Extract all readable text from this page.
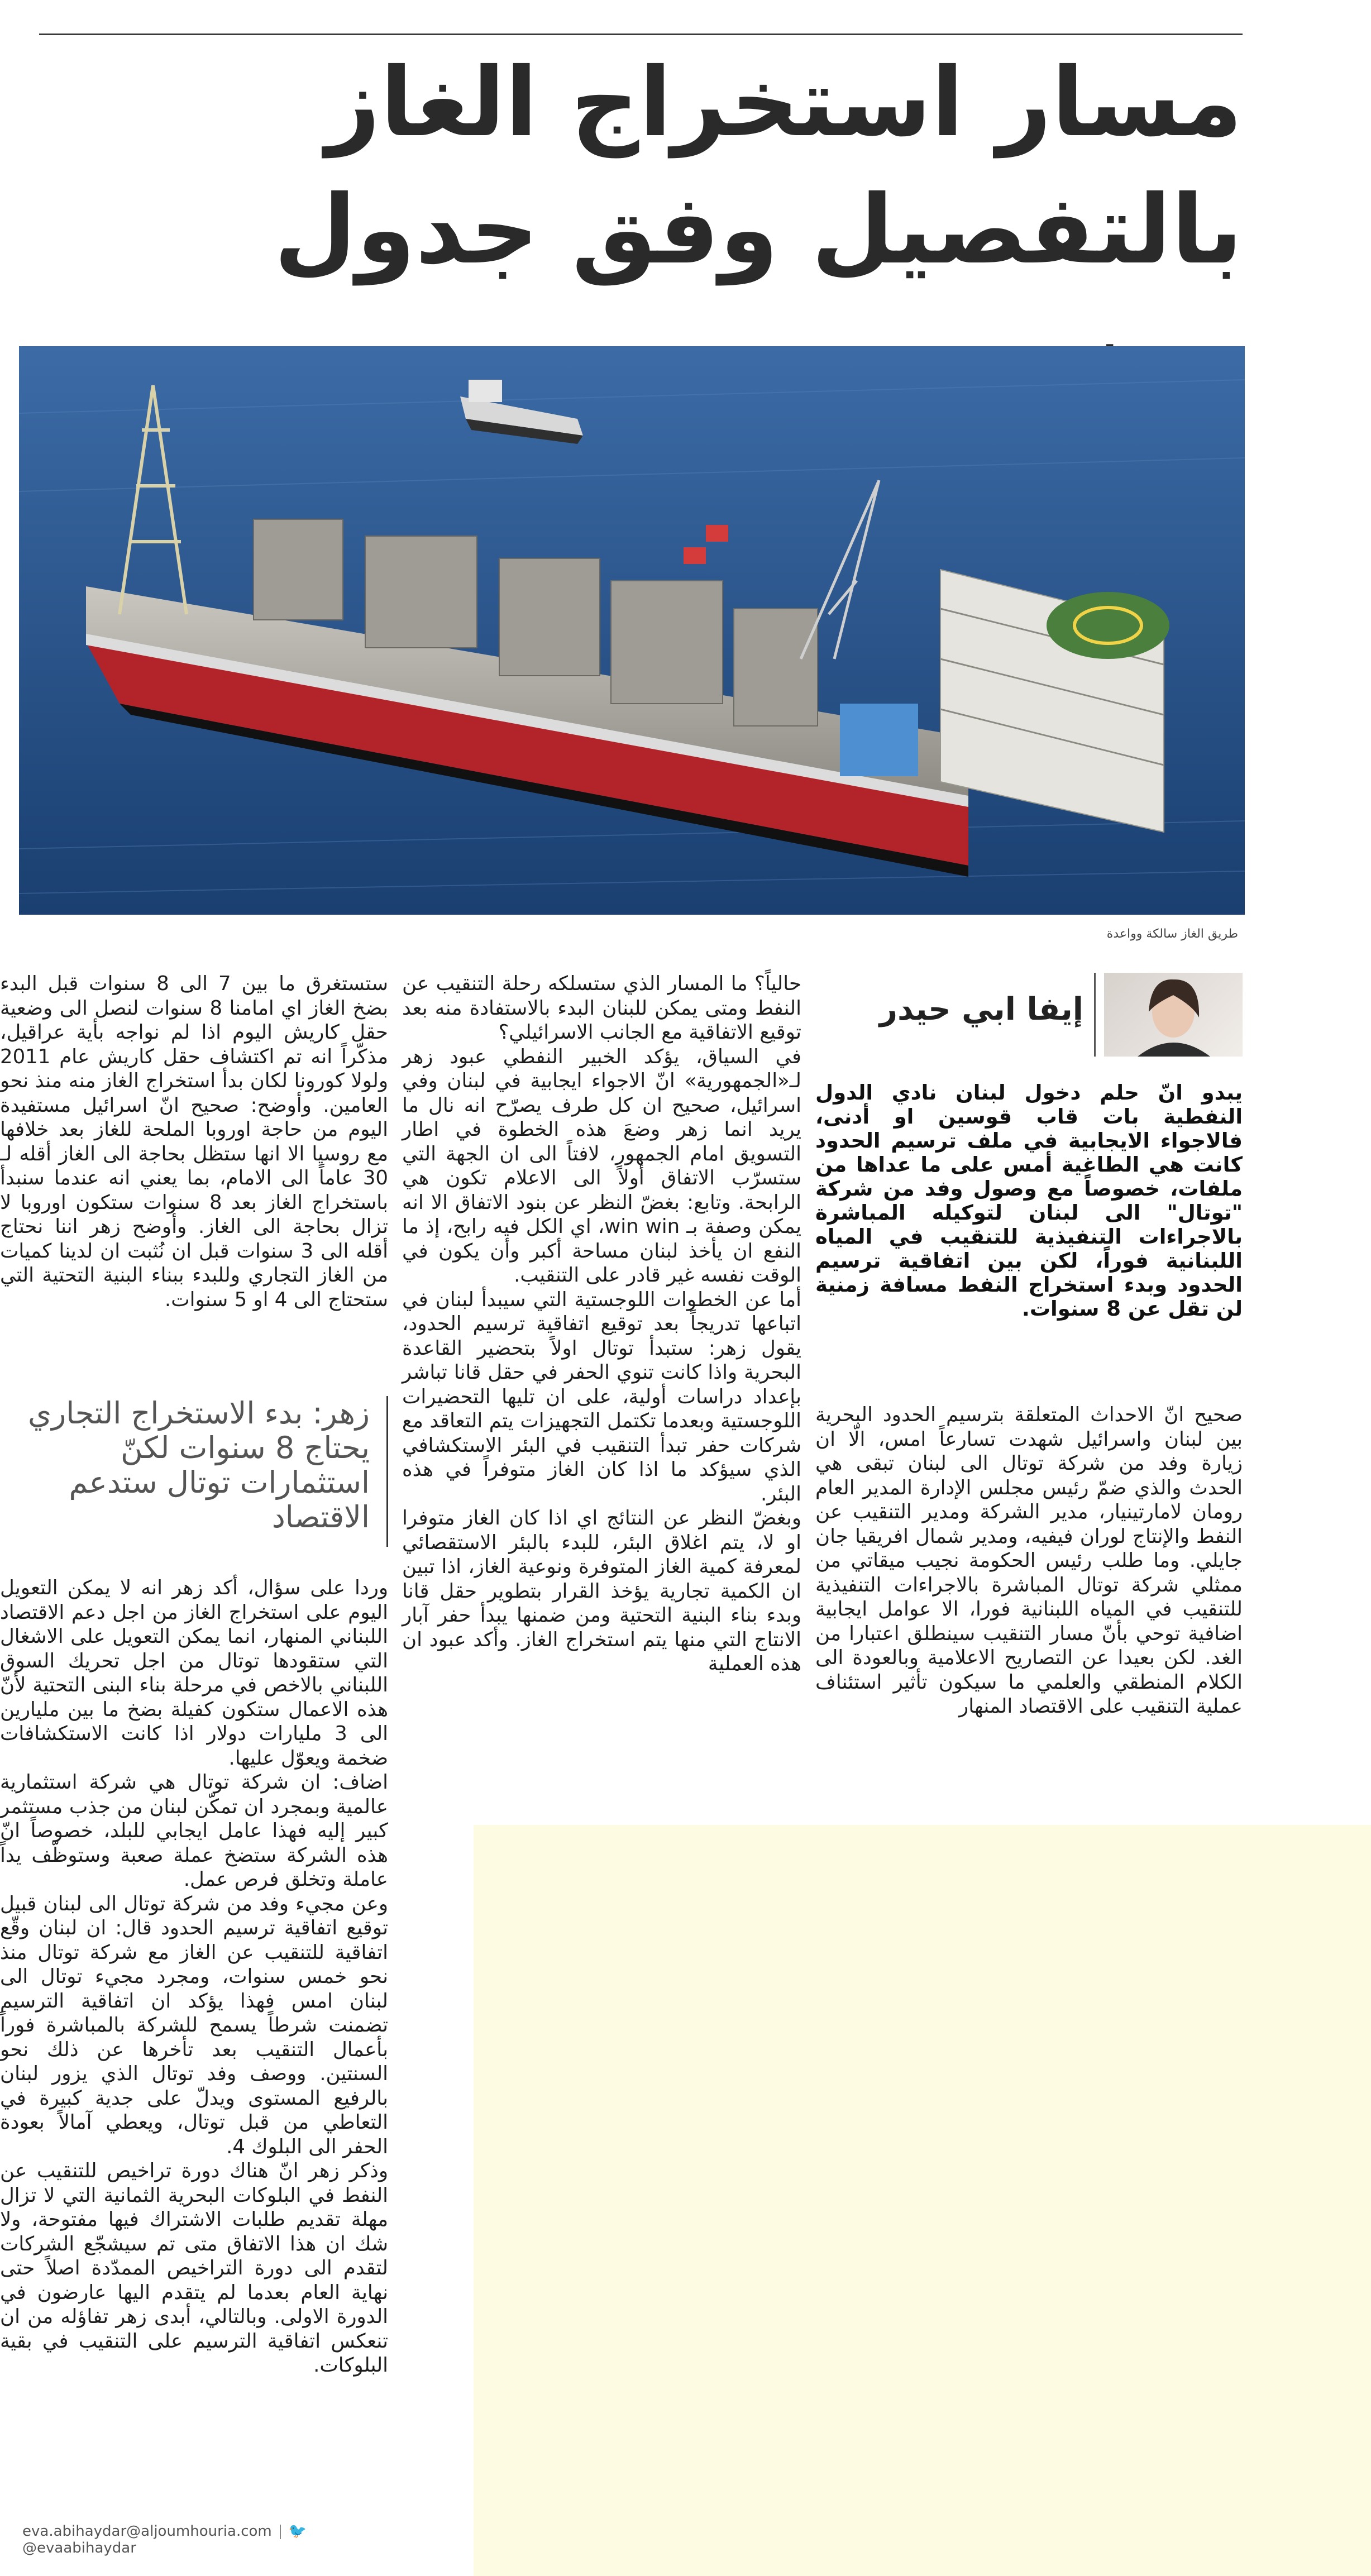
مسار استخراج الغاز بالتفصيل وفق جدول
طريق الغاز سالكة وواعدة
إيفا ابي حيدر

يبدو انّ حلم دخول لبنان نادي الدول النفطية بات قاب قوسين او أدنى، فالاجواء الايجابية في ملف ترسيم الحدود كانت هي الطاغية أمس على ما عداها من ملفات، خصوصاً مع وصول وفد من شركة "توتال" الى لبنان لتوكيله المباشرة بالاجراءات التنفيذية للتنقيب في المياه اللبنانية فوراً، لكن بين اتفاقية ترسيم الحدود وبدء استخراج النفط مسافة زمنية لن تقل عن 8 سنوات.

صحيح انّ الاحداث المتعلقة بترسيم الحدود البحرية بين لبنان واسرائيل شهدت تسارعاً امس، الّا ان زيارة وفد من شركة توتال الى لبنان تبقى هي الحدث والذي ضمّ رئيس مجلس الإدارة المدير العام رومان لامارتينيار، مدير الشركة ومدير التنقيب عن النفط والإنتاج لوران فيفيه، ومدير شمال افريقيا جان جايلي. وما طلب رئيس الحكومة نجيب ميقاتي من ممثلي شركة توتال المباشرة بالاجراءات التنفيذية للتنقيب في المياه اللبنانية فورا، الا عوامل ايجابية اضافية توحي بأنّ مسار التنقيب سينطلق اعتبارا من الغد. لكن بعيدا عن التصاريح الاعلامية وبالعودة الى الكلام المنطقي والعلمي ما سيكون تأثير استئناف عملية التنقيب على الاقتصاد المنهار

حالياً؟ ما المسار الذي ستسلكه رحلة التنقيب عن النفط ومتى يمكن للبنان البدء بالاستفادة منه بعد توقيع الاتفاقية مع الجانب الاسرائيلي؟

في السياق، يؤكد الخبير النفطي عبود زهر لـ«الجمهورية» انّ الاجواء ايجابية في لبنان وفي اسرائيل، صحيح ان كل طرف يصرّح انه نال ما يريد انما زهر وضعَ هذه الخطوة في اطار التسويق امام الجمهور، لافتاً الى ان الجهة التي ستسرّب الاتفاق أولاً الى الاعلام تكون هي الرابحة. وتابع: بغضّ النظر عن بنود الاتفاق الا انه يمكن وصفة بـ win win، اي الكل فيه رابح، إذ ما النفع ان يأخذ لبنان مساحة أكبر وأن يكون في الوقت نفسه غير قادر على التنقيب.

أما عن الخطوات اللوجستية التي سيبدأ لبنان في اتباعها تدريجاً بعد توقيع اتفاقية ترسيم الحدود، يقول زهر: ستبدأ توتال اولاً بتحضير القاعدة البحرية واذا كانت تنوي الحفر في حقل قانا تباشر بإعداد دراسات أولية، على ان تليها التحضيرات اللوجستية وبعدما تكتمل التجهيزات يتم التعاقد مع شركات حفر تبدأ التنقيب في البئر الاستكشافي الذي سيؤكد ما اذا كان الغاز متوفراً في هذه البئر.

وبغضّ النظر عن النتائج اي اذا كان الغاز متوفرا او لا، يتم اغلاق البئر، للبدء بالبئر الاستقصائي لمعرفة كمية الغاز المتوفرة ونوعية الغاز، اذا تبين ان الكمية تجارية يؤخذ القرار بتطوير حقل قانا وبدء بناء البنية التحتية ومن ضمنها يبدأ حفر آبار الانتاج التي منها يتم استخراج الغاز. وأكد عبود ان هذه العملية

ستستغرق ما بين 7 الى 8 سنوات قبل البدء بضخ الغاز اي امامنا 8 سنوات لنصل الى وضعية حقل كاريش اليوم اذا لم نواجه بأية عراقيل، مذكّراً انه تم اكتشاف حقل كاريش عام 2011 ولولا كورونا لكان بدأ استخراج الغاز منه منذ نحو العامين. وأوضح: صحيح انّ اسرائيل مستفيدة اليوم من حاجة اوروبا الملحة للغاز بعد خلافها مع روسيا الا انها ستظل بحاجة الى الغاز أقله لـ 30 عاماً الى الامام، بما يعني انه عندما سنبدأ باستخراج الغاز بعد 8 سنوات ستكون اوروبا لا تزال بحاجة الى الغاز. وأوضح زهر اننا نحتاج أقله الى 3 سنوات قبل ان نُثبت ان لدينا كميات من الغاز التجاري وللبدء ببناء البنية التحتية التي ستحتاج الى 4 او 5 سنوات.

زهر: بدء الاستخراج التجاري يحتاج 8 سنوات لكنّ استثمارات توتال ستدعم الاقتصاد

وردا على سؤال، أكد زهر انه لا يمكن التعويل اليوم على استخراج الغاز من اجل دعم الاقتصاد اللبناني المنهار، انما يمكن التعويل على الاشغال التي ستقودها توتال من اجل تحريك السوق اللبناني بالاخص في مرحلة بناء البنى التحتية لأنّ هذه الاعمال ستكون كفيلة بضخ ما بين مليارين الى 3 مليارات دولار اذا كانت الاستكشافات ضخمة ويعوّل عليها.

اضاف: ان شركة توتال هي شركة استثمارية عالمية وبمجرد ان تمكّن لبنان من جذب مستثمر كبير إليه فهذا عامل ايجابي للبلد، خصوصاً انّ هذه الشركة ستضخ عملة صعبة وستوظّف يداً عاملة وتخلق فرص عمل.

وعن مجيء وفد من شركة توتال الى لبنان قبيل توقيع اتفاقية ترسيم الحدود قال: ان لبنان وقّع اتفاقية للتنقيب عن الغاز مع شركة توتال منذ نحو خمس سنوات، ومجرد مجيء توتال الى لبنان امس فهذا يؤكد ان اتفاقية الترسيم تضمنت شرطاً يسمح للشركة بالمباشرة فوراً بأعمال التنقيب بعد تأخرها عن ذلك نحو السنتين. ووصف وفد توتال الذي يزور لبنان بالرفيع المستوى ويدلّ على جدية كبيرة في التعاطي من قبل توتال، ويعطي آمالاً بعودة الحفر الى البلوك 4.

وذكر زهر انّ هناك دورة تراخيص للتنقيب عن النفط في البلوكات البحرية الثمانية التي لا تزال مهلة تقديم طلبات الاشتراك فيها مفتوحة، ولا شك ان هذا الاتفاق متى تم سيشجّع الشركات لتقدم الى دورة التراخيص الممدّدة اصلاً حتى نهاية العام بعدما لم يتقدم اليها عارضون في الدورة الاولى. وبالتالي، أبدى زهر تفاؤله من ان تنعكس اتفاقية الترسيم على التنقيب في بقية البلوكات.

eva.abihaydar@aljoumhouria.com 🐦 @evaabihaydar
